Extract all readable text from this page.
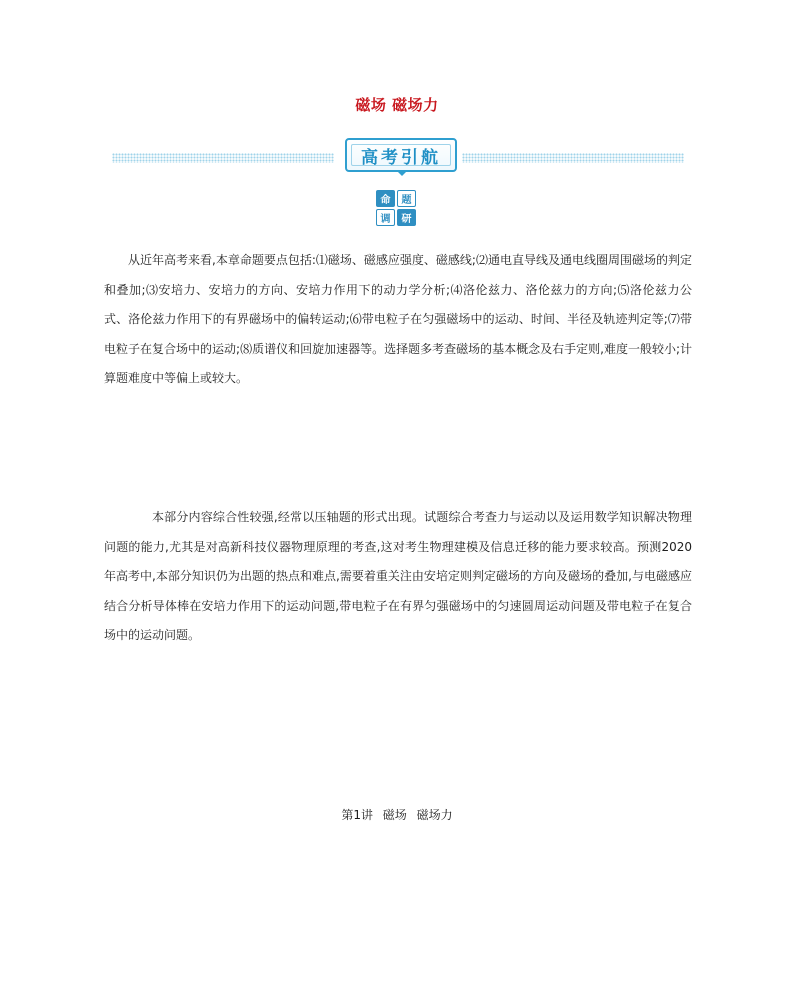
磁场 磁场力
高考引航
命	题
调	研

从近年高考来看,本章命题要点包括:⑴磁场、磁感应强度、磁感线;⑵通电直导线及通电线圈周围磁场的判定和叠加;⑶安培力、安培力的方向、安培力作用下的动力学分析;⑷洛伦兹力、洛伦兹力的方向;⑸洛伦兹力公式、洛伦兹力作用下的有界磁场中的偏转运动;⑹带电粒子在匀强磁场中的运动、时间、半径及轨迹判定等;⑺带电粒子在复合场中的运动;⑻质谱仪和回旋加速器等。选择题多考查磁场的基本概念及右手定则,难度一般较小;计算题难度中等偏上或较大。

本部分内容综合性较强,经常以压轴题的形式出现。试题综合考查力与运动以及运用数学知识解决物理问题的能力,尤其是对高新科技仪器物理原理的考查,这对考生物理建模及信息迁移的能力要求较高。预测2020年高考中,本部分知识仍为出题的热点和难点,需要着重关注由安培定则判定磁场的方向及磁场的叠加,与电磁感应结合分析导体棒在安培力作用下的运动问题,带电粒子在有界匀强磁场中的匀速圆周运动问题及带电粒子在复合场中的运动问题。

第1讲 磁场 磁场力
